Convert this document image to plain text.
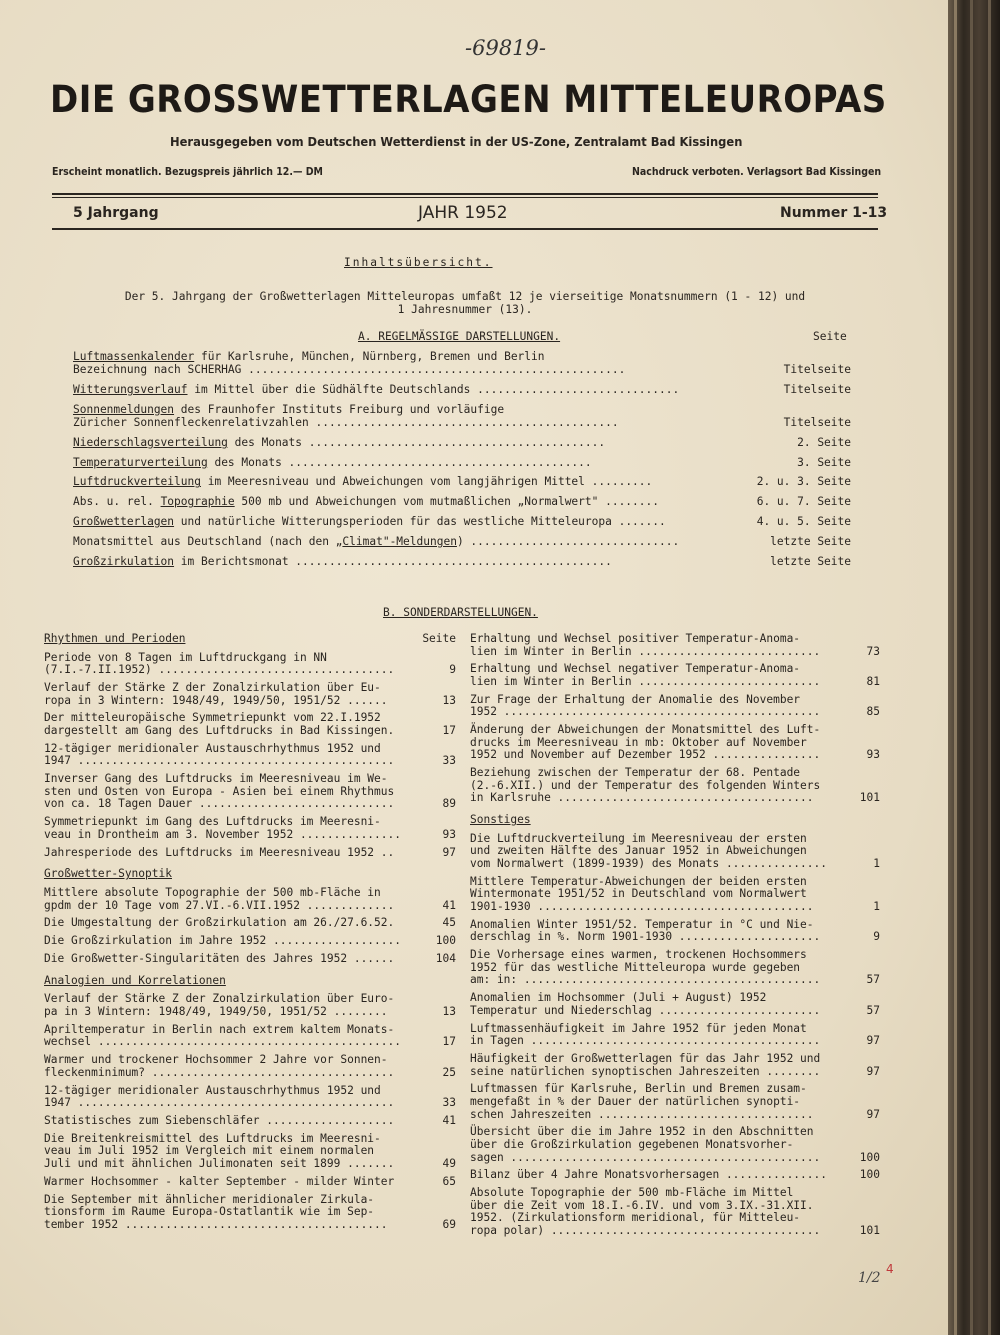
-69819-
DIE GROSSWETTERLAGEN MITTELEUROPAS
Herausgegeben vom Deutschen Wetterdienst in der US-Zone, Zentralamt Bad Kissingen
Erscheint monatlich. Bezugspreis jährlich 12.— DM	Nachdruck verboten. Verlagsort Bad Kissingen
5 Jahrgang	JAHR 1952	Nummer 1-13
Inhaltsübersicht.
Der 5. Jahrgang der Großwetterlagen Mitteleuropas umfaßt 12 je vierseitige Monatsnummern (1 - 12) und
1 Jahresnummer (13).
A. REGELMÄSSIGE DARSTELLUNGEN.	Seite
Luftmassenkalender für Karlsruhe, München, Nürnberg, Bremen und Berlin
Bezeichnung nach SCHERHAG ........................................................	Titelseite
Witterungsverlauf im Mittel über die Südhälfte Deutschlands ..............................	Titelseite
Sonnenmeldungen des Fraunhofer Instituts Freiburg und vorläufige
Züricher Sonnenfleckenrelativzahlen .............................................	Titelseite
Niederschlagsverteilung des Monats ............................................	2. Seite
Temperaturverteilung des Monats .............................................	3. Seite
Luftdruckverteilung im Meeresniveau und Abweichungen vom langjährigen Mittel .........	2. u. 3. Seite
Abs. u. rel. Topographie 500 mb und Abweichungen vom mutmaßlichen „Normalwert" ........	6. u. 7. Seite
Großwetterlagen und natürliche Witterungsperioden für das westliche Mitteleuropa .......	4. u. 5. Seite
Monatsmittel aus Deutschland (nach den „Climat"-Meldungen) ...............................	letzte Seite
Großzirkulation im Berichtsmonat ...............................................	letzte Seite
B. SONDERDARSTELLUNGEN.
Rhythmen und Perioden	Seite
Periode von 8 Tagen im Luftdruckgang in NN
(7.I.-7.II.1952) ...................................	9
Verlauf der Stärke Z der Zonalzirkulation über Eu-
ropa in 3 Wintern: 1948/49, 1949/50, 1951/52 ......	13
Der mitteleuropäische Symmetriepunkt vom 22.I.1952
dargestellt am Gang des Luftdrucks in Bad Kissingen.	17
12-tägiger meridionaler Austauschrhythmus 1952 und
1947 ...............................................	33
Inverser Gang des Luftdrucks im Meeresniveau im We-
sten und Osten von Europa - Asien bei einem Rhythmus
von ca. 18 Tagen Dauer .............................	89
Symmetriepunkt im Gang des Luftdrucks im Meeresni-
veau in Drontheim am 3. November 1952 ...............	93
Jahresperiode des Luftdrucks im Meeresniveau 1952 ..	97
Großwetter-Synoptik
Mittlere absolute Topographie der 500 mb-Fläche in
gpdm der 10 Tage vom 27.VI.-6.VII.1952 .............	41
Die Umgestaltung der Großzirkulation am 26./27.6.52.	45
Die Großzirkulation im Jahre 1952 ...................	100
Die Großwetter-Singularitäten des Jahres 1952 ......	104
Analogien und Korrelationen
Verlauf der Stärke Z der Zonalzirkulation über Euro-
pa in 3 Wintern: 1948/49, 1949/50, 1951/52 ........	13
Apriltemperatur in Berlin nach extrem kaltem Monats-
wechsel .............................................	17
Warmer und trockener Hochsommer 2 Jahre vor Sonnen-
fleckenminimum? ....................................	25
12-tägiger meridionaler Austauschrhythmus 1952 und
1947 ...............................................	33
Statistisches zum Siebenschläfer ...................	41
Die Breitenkreismittel des Luftdrucks im Meeresni-
veau im Juli 1952 im Vergleich mit einem normalen
Juli und mit ähnlichen Julimonaten seit 1899 .......	49
Warmer Hochsommer - kalter September - milder Winter	65
Die September mit ähnlicher meridionaler Zirkula-
tionsform im Raume Europa-Ostatlantik wie im Sep-
tember 1952 .......................................	69
Erhaltung und Wechsel positiver Temperatur-Anoma-
lien im Winter in Berlin ...........................	73
Erhaltung und Wechsel negativer Temperatur-Anoma-
lien im Winter in Berlin ...........................	81
Zur Frage der Erhaltung der Anomalie des November
1952 ...............................................	85
Änderung der Abweichungen der Monatsmittel des Luft-
drucks im Meeresniveau in mb: Oktober auf November
1952 und November auf Dezember 1952 ................	93
Beziehung zwischen der Temperatur der 68. Pentade
(2.-6.XII.) und der Temperatur des folgenden Winters
in Karlsruhe ......................................	101
Sonstiges
Die Luftdruckverteilung im Meeresniveau der ersten
und zweiten Hälfte des Januar 1952 in Abweichungen
vom Normalwert (1899-1939) des Monats ...............	1
Mittlere Temperatur-Abweichungen der beiden ersten
Wintermonate 1951/52 in Deutschland vom Normalwert
1901-1930 .........................................	1
Anomalien Winter 1951/52. Temperatur in °C und Nie-
derschlag in %. Norm 1901-1930 .....................	9
Die Vorhersage eines warmen, trockenen Hochsommers
1952 für das westliche Mitteleuropa wurde gegeben
am: in: ............................................	57
Anomalien im Hochsommer (Juli + August) 1952
Temperatur und Niederschlag ........................	57
Luftmassenhäufigkeit im Jahre 1952 für jeden Monat
in Tagen ...........................................	97
Häufigkeit der Großwetterlagen für das Jahr 1952 und
seine natürlichen synoptischen Jahreszeiten ........	97
Luftmassen für Karlsruhe, Berlin und Bremen zusam-
mengefaßt in % der Dauer der natürlichen synopti-
schen Jahreszeiten ................................	97
Übersicht über die im Jahre 1952 in den Abschnitten
über die Großzirkulation gegebenen Monatsvorher-
sagen ..............................................	100
Bilanz über 4 Jahre Monatsvorhersagen ...............	100
Absolute Topographie der 500 mb-Fläche im Mittel
über die Zeit vom 18.I.-6.IV. und vom 3.IX.-31.XII.
1952. (Zirkulationsform meridional, für Mitteleu-
ropa polar) ........................................	101
1/2
4
